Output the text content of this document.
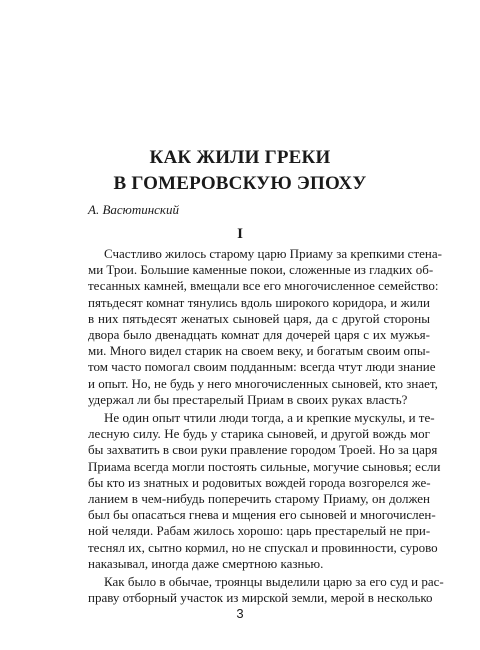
КАК ЖИЛИ ГРЕКИ
В ГОМЕРОВСКУЮ ЭПОХУ

А. Васютинский

I

Счастливо жилось старому царю Приаму за крепкими стена-

ми Трои. Большие каменные покои, сложенные из гладких об-

тесанных камней, вмещали все его многочисленное семейство:

пятьдесят комнат тянулись вдоль широкого коридора, и жили

в них пятьдесят женатых сыновей царя, да с другой стороны

двора было двенадцать комнат для дочерей царя с их мужья-

ми. Много видел старик на своем веку, и богатым своим опы-

том часто помогал своим подданным: всегда чтут люди знание

и опыт. Но, не будь у него многочисленных сыновей, кто знает,

удержал ли бы престарелый Приам в своих руках власть?

Не один опыт чтили люди тогда, а и крепкие мускулы, и те-

лесную силу. Не будь у старика сыновей, и другой вождь мог

бы захватить в свои руки правление городом Троей. Но за царя

Приама всегда могли постоять сильные, могучие сыновья; если

бы кто из знатных и родовитых вождей города возгорелся же-

ланием в чем-нибудь поперечить старому Приаму, он должен

был бы опасаться гнева и мщения его сыновей и многочислен-

ной челяди. Рабам жилось хорошо: царь престарелый не при-

теснял их, сытно кормил, но не спускал и провинности, сурово

наказывал, иногда даже смертною казнью.

Как было в обычае, троянцы выделили царю за его суд и рас-

праву отборный участок из мирской земли, мерой в несколько

3
